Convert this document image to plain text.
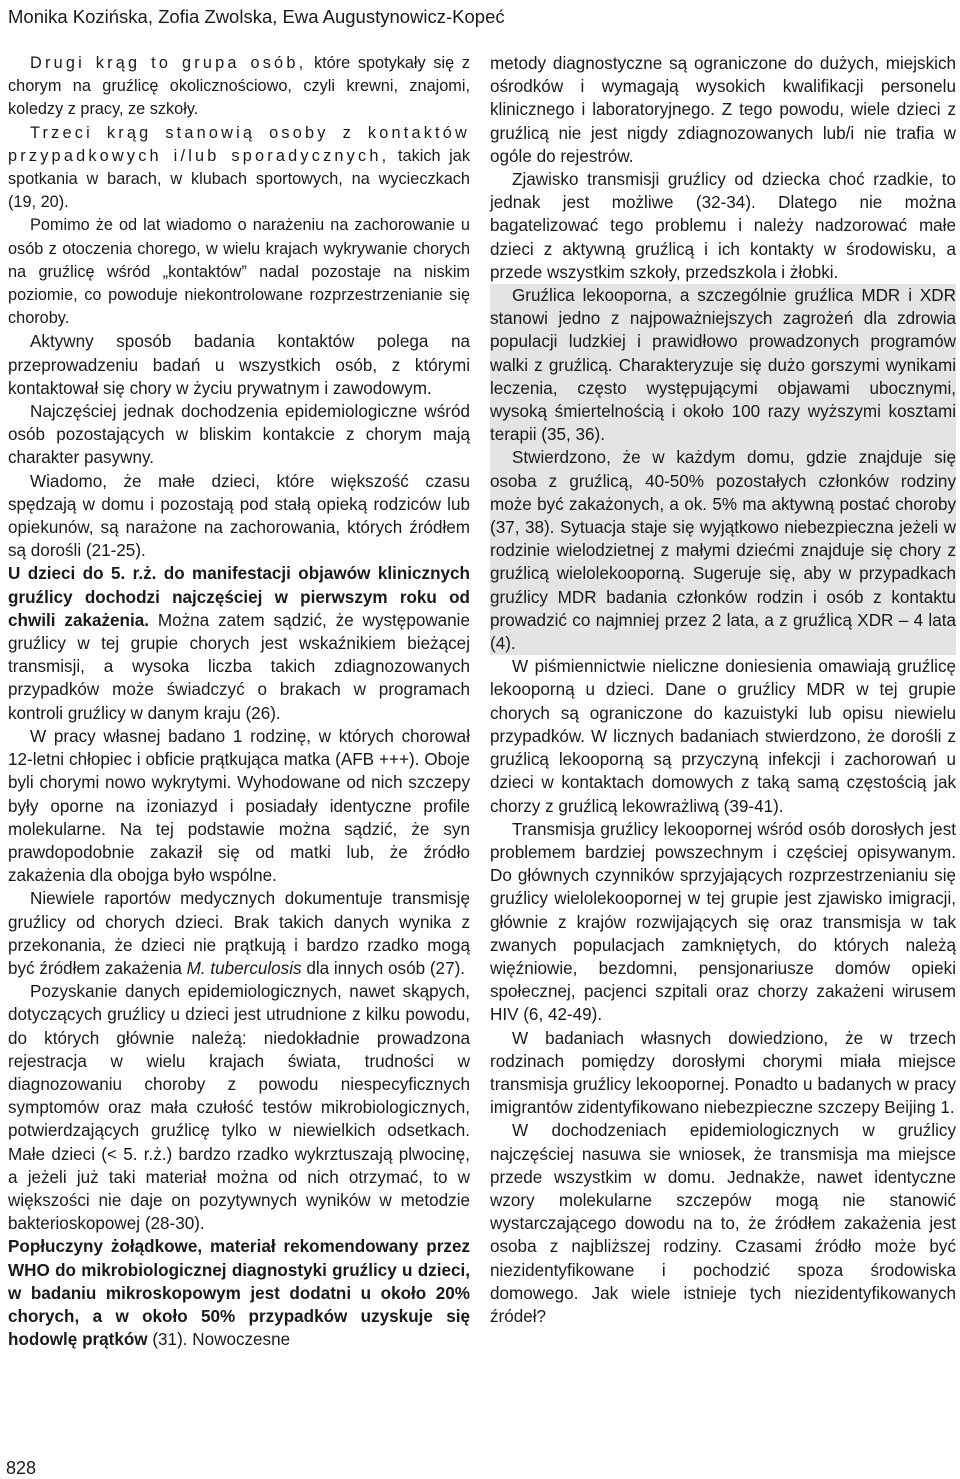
Monika Kozińska, Zofia Zwolska, Ewa Augustynowicz-Kopeć

Drugi krąg to grupa osób, które spotykały się z chorym na gruźlicę okolicznościowo, czyli krewni, znajomi, koledzy z pracy, ze szkoły.

Trzeci krąg stanowią osoby z kontaktów przypadkowych i/lub sporadycznych, takich jak spotkania w barach, w klubach sportowych, na wycieczkach (19, 20).

Pomimo że od lat wiadomo o narażeniu na zachorowanie u osób z otoczenia chorego, w wielu krajach wykrywanie chorych na gruźlicę wśród „kontaktów” nadal pozostaje na niskim poziomie, co powoduje niekontrolowane rozprzestrzenianie się choroby.

Aktywny sposób badania kontaktów polega na przeprowadzeniu badań u wszystkich osób, z którymi kontaktował się chory w życiu prywatnym i zawodowym.

Najczęściej jednak dochodzenia epidemiologiczne wśród osób pozostających w bliskim kontakcie z chorym mają charakter pasywny.

Wiadomo, że małe dzieci, które większość czasu spędzają w domu i pozostają pod stałą opieką rodziców lub opiekunów, są narażone na zachorowania, których źródłem są dorośli (21-25).

U dzieci do 5. r.ż. do manifestacji objawów klinicznych gruźlicy dochodzi najczęściej w pierwszym roku od chwili zakażenia. Można zatem sądzić, że występowanie gruźlicy w tej grupie chorych jest wskaźnikiem bieżącej transmisji, a wysoka liczba takich zdiagnozowanych przypadków może świadczyć o brakach w programach kontroli gruźlicy w danym kraju (26).

W pracy własnej badano 1 rodzinę, w których chorował 12-letni chłopiec i obficie prątkująca matka (AFB +++). Oboje byli chorymi nowo wykrytymi. Wyhodowane od nich szczepy były oporne na izoniazyd i posiadały identyczne profile molekularne. Na tej podstawie można sądzić, że syn prawdopodobnie zakaził się od matki lub, że źródło zakażenia dla obojga było wspólne.

Niewiele raportów medycznych dokumentuje transmisję gruźlicy od chorych dzieci. Brak takich danych wynika z przekonania, że dzieci nie prątkują i bardzo rzadko mogą być źródłem zakażenia M. tuberculosis dla innych osób (27).

Pozyskanie danych epidemiologicznych, nawet skąpych, dotyczących gruźlicy u dzieci jest utrudnione z kilku powodu, do których głównie należą: niedokładnie prowadzona rejestracja w wielu krajach świata, trudności w diagnozowaniu choroby z powodu niespecyficznych symptomów oraz mała czułość testów mikrobiologicznych, potwierdzających gruźlicę tylko w niewielkich odsetkach. Małe dzieci (< 5. r.ż.) bardzo rzadko wykrztuszają plwocinę, a jeżeli już taki materiał można od nich otrzymać, to w większości nie daje on pozytywnych wyników w metodzie bakterioskopowej (28-30).

Popłuczyny żołądkowe, materiał rekomendowany przez WHO do mikrobiologicznej diagnostyki gruźlicy u dzieci, w badaniu mikroskopowym jest dodatni u około 20% chorych, a w około 50% przypadków uzyskuje się hodowlę prątków (31). Nowoczesne

metody diagnostyczne są ograniczone do dużych, miejskich ośrodków i wymagają wysokich kwalifikacji personelu klinicznego i laboratoryjnego. Z tego powodu, wiele dzieci z gruźlicą nie jest nigdy zdiagnozowanych lub/i nie trafia w ogóle do rejestrów.

Zjawisko transmisji gruźlicy od dziecka choć rzadkie, to jednak jest możliwe (32-34). Dlatego nie można bagatelizować tego problemu i należy nadzorować małe dzieci z aktywną gruźlicą i ich kontakty w środowisku, a przede wszystkim szkoły, przedszkola i żłobki.

Gruźlica lekooporna, a szczególnie gruźlica MDR i XDR stanowi jedno z najpoważniejszych zagrożeń dla zdrowia populacji ludzkiej i prawidłowo prowadzonych programów walki z gruźlicą. Charakteryzuje się dużo gorszymi wynikami leczenia, często występującymi objawami ubocznymi, wysoką śmiertelnością i około 100 razy wyższymi kosztami terapii (35, 36).

Stwierdzono, że w każdym domu, gdzie znajduje się osoba z gruźlicą, 40-50% pozostałych członków rodziny może być zakażonych, a ok. 5% ma aktywną postać choroby (37, 38). Sytuacja staje się wyjątkowo niebezpieczna jeżeli w rodzinie wielodzietnej z małymi dziećmi znajduje się chory z gruźlicą wielolekooporną. Sugeruje się, aby w przypadkach gruźlicy MDR badania członków rodzin i osób z kontaktu prowadzić co najmniej przez 2 lata, a z gruźlicą XDR – 4 lata (4).

W piśmiennictwie nieliczne doniesienia omawiają gruźlicę lekooporną u dzieci. Dane o gruźlicy MDR w tej grupie chorych są ograniczone do kazuistyki lub opisu niewielu przypadków. W licznych badaniach stwierdzono, że dorośli z gruźlicą lekooporną są przyczyną infekcji i zachorowań u dzieci w kontaktach domowych z taką samą częstością jak chorzy z gruźlicą lekowrażliwą (39-41).

Transmisja gruźlicy lekoopornej wśród osób dorosłych jest problemem bardziej powszechnym i częściej opisywanym. Do głównych czynników sprzyjających rozprzestrzenianiu się gruźlicy wielolekoopornej w tej grupie jest zjawisko imigracji, głównie z krajów rozwijających się oraz transmisja w tak zwanych populacjach zamkniętych, do których należą więźniowie, bezdomni, pensjonariusze domów opieki społecznej, pacjenci szpitali oraz chorzy zakażeni wirusem HIV (6, 42-49).

W badaniach własnych dowiedziono, że w trzech rodzinach pomiędzy dorosłymi chorymi miała miejsce transmisja gruźlicy lekoopornej. Ponadto u badanych w pracy imigrantów zidentyfikowano niebezpieczne szczepy Beijing 1.

W dochodzeniach epidemiologicznych w gruźlicy najczęściej nasuwa sie wniosek, że transmisja ma miejsce przede wszystkim w domu. Jednakże, nawet identyczne wzory molekularne szczepów mogą nie stanowić wystarczającego dowodu na to, że źródłem zakażenia jest osoba z najbliższej rodziny. Czasami źródło może być niezidentyfikowane i pochodzić spoza środowiska domowego. Jak wiele istnieje tych niezidentyfikowanych źródeł?

828
